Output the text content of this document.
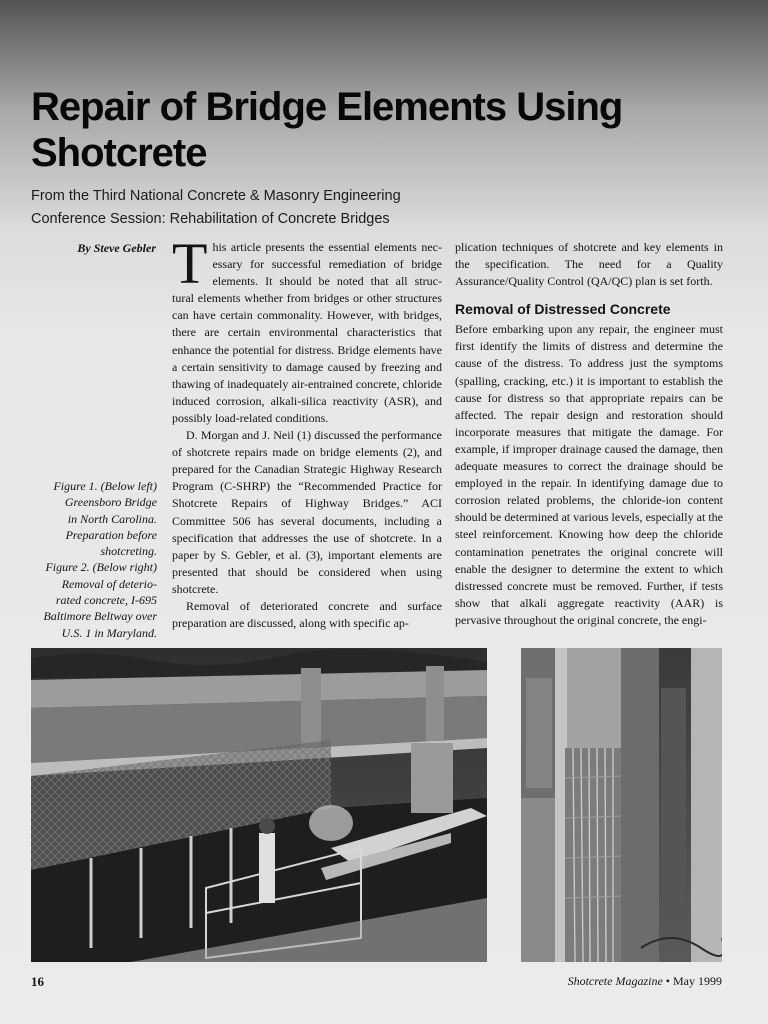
Repair of Bridge Elements Using Shotcrete
From the Third National Concrete & Masonry Engineering
Conference Session: Rehabilitation of Concrete Bridges
By Steve Gebler
Figure 1. (Below left)
Greensboro Bridge
in North Carolina.
Preparation before
shotcreting.
Figure 2. (Below right)
Removal of deterio-
rated concrete, I-695
Baltimore Beltway over
U.S. 1 in Maryland.
T his article presents the essential elements nec-
essary for successful remediation of bridge
elements. It should be noted that all struc-

tural elements whether from bridges or other structures can have certain commonality. However, with bridges, there are certain environmental characteristics that enhance the potential for distress. Bridge elements have a certain sensitivity to damage caused by freezing and thawing of inadequately air-entrained concrete, chloride induced corrosion, alkali-silica reactivity (ASR), and possibly load-related conditions.

D. Morgan and J. Neil (1) discussed the performance of shotcrete repairs made on bridge elements (2), and prepared for the Canadian Strategic Highway Research Program (C-SHRP) the “Recommended Practice for Shotcrete Repairs of Highway Bridges.” ACI Committee 506 has several documents, including a specification that addresses the use of shotcrete. In a paper by S. Gebler, et al. (3), important elements are presented that should be considered when using shotcrete.

Removal of deteriorated concrete and surface preparation are discussed, along with specific ap-

plication techniques of shotcrete and key elements in the specification. The need for a Quality Assurance/Quality Control (QA/QC) plan is set forth.

Removal of Distressed Concrete

Before embarking upon any repair, the engineer must first identify the limits of distress and determine the cause of the distress. To address just the symptoms (spalling, cracking, etc.) it is important to establish the cause for distress so that appropriate repairs can be affected. The repair design and restoration should incorporate measures that mitigate the damage. For example, if improper drainage caused the damage, then adequate measures to correct the drainage should be employed in the repair. In identifying damage due to corrosion related problems, the chloride-ion content should be determined at various levels, especially at the steel reinforcement. Knowing how deep the chloride contamination penetrates the original concrete will enable the designer to determine the extent to which distressed concrete must be removed. Further, if tests show that alkali aggregate reactivity (AAR) is pervasive throughout the original concrete, the engi-

16	Shotcrete Magazine • May 1999
